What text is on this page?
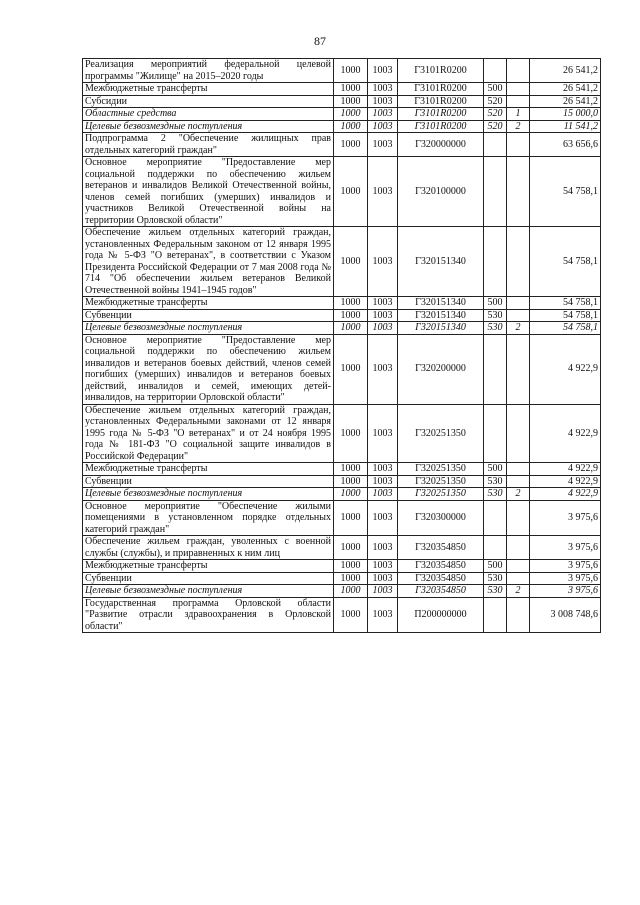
87
Реализация мероприятий федеральной целевой программы "Жилище" на 2015–2020 годы	1000	1003	Г3101R0200			26 541,2
Межбюджетные трансферты	1000	1003	Г3101R0200	500		26 541,2
Субсидии	1000	1003	Г3101R0200	520		26 541,2
Областные средства	1000	1003	Г3101R0200	520	1	15 000,0
Целевые безвозмездные поступления	1000	1003	Г3101R0200	520	2	11 541,2
Подпрограмма 2 "Обеспечение жилищных прав отдельных категорий граждан"	1000	1003	Г320000000			63 656,6
Основное мероприятие "Предоставление мер социальной поддержки по обеспечению жильем ветеранов и инвалидов Великой Отечественной войны, членов семей погибших (умерших) инвалидов и участников Великой Отечественной войны на территории Орловской области"	1000	1003	Г320100000			54 758,1
Обеспечение жильем отдельных категорий граждан, установленных Федеральным законом от 12 января 1995 года № 5-ФЗ "О ветеранах", в соответствии с Указом Президента Российской Федерации от 7 мая 2008 года № 714 "Об обеспечении жильем ветеранов Великой Отечественной войны 1941–1945 годов"	1000	1003	Г320151340			54 758,1
Межбюджетные трансферты	1000	1003	Г320151340	500		54 758,1
Субвенции	1000	1003	Г320151340	530		54 758,1
Целевые безвозмездные поступления	1000	1003	Г320151340	530	2	54 758,1
Основное мероприятие "Предоставление мер социальной поддержки по обеспечению жильем инвалидов и ветеранов боевых действий, членов семей погибших (умерших) инвалидов и ветеранов боевых действий, инвалидов и семей, имеющих детей-инвалидов, на территории Орловской области"	1000	1003	Г320200000			4 922,9
Обеспечение жильем отдельных категорий граждан, установленных Федеральными законами от 12 января 1995 года № 5-ФЗ "О ветеранах" и от 24 ноября 1995 года № 181-ФЗ "О социальной защите инвалидов в Российской Федерации"	1000	1003	Г320251350			4 922,9
Межбюджетные трансферты	1000	1003	Г320251350	500		4 922,9
Субвенции	1000	1003	Г320251350	530		4 922,9
Целевые безвозмездные поступления	1000	1003	Г320251350	530	2	4 922,9
Основное мероприятие "Обеспечение жилыми помещениями в установленном порядке отдельных категорий граждан"	1000	1003	Г320300000			3 975,6
Обеспечение жильем граждан, уволенных с военной службы (службы), и приравненных к ним лиц	1000	1003	Г320354850			3 975,6
Межбюджетные трансферты	1000	1003	Г320354850	500		3 975,6
Субвенции	1000	1003	Г320354850	530		3 975,6
Целевые безвозмездные поступления	1000	1003	Г320354850	530	2	3 975,6
Государственная программа Орловской области "Развитие отрасли здравоохранения в Орловской области"	1000	1003	П200000000			3 008 748,6
